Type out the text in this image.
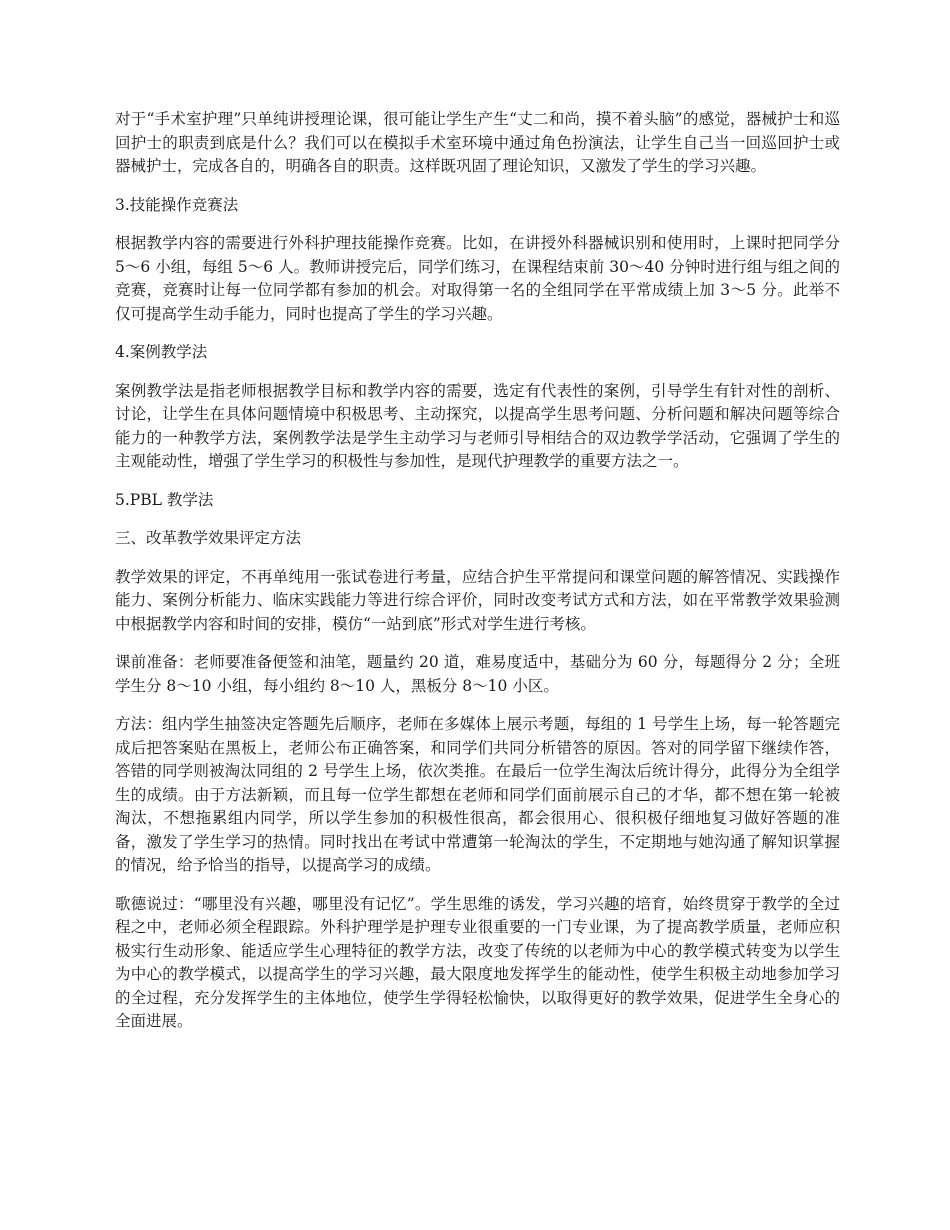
对于“手术室护理”只单纯讲授理论课，很可能让学生产生“丈二和尚，摸不着头脑”的感觉，器械护士和巡回护士的职责到底是什么？我们可以在模拟手术室环境中通过角色扮演法，让学生自己当一回巡回护士或器械护士，完成各自的，明确各自的职责。这样既巩固了理论知识，又激发了学生的学习兴趣。

3.技能操作竞赛法

根据教学内容的需要进行外科护理技能操作竞赛。比如，在讲授外科器械识别和使用时，上课时把同学分 5～6 小组，每组 5～6 人。教师讲授完后，同学们练习，在课程结束前 30～40 分钟时进行组与组之间的竞赛，竞赛时让每一位同学都有参加的机会。对取得第一名的全组同学在平常成绩上加 3～5 分。此举不仅可提高学生动手能力，同时也提高了学生的学习兴趣。

4.案例教学法

案例教学法是指老师根据教学目标和教学内容的需要，选定有代表性的案例，引导学生有针对性的剖析、讨论，让学生在具体问题情境中积极思考、主动探究，以提高学生思考问题、分析问题和解决问题等综合能力的一种教学方法，案例教学法是学生主动学习与老师引导相结合的双边教学学活动，它强调了学生的主观能动性，增强了学生学习的积极性与参加性，是现代护理教学的重要方法之一。

5.PBL 教学法

三、改革教学效果评定方法

教学效果的评定，不再单纯用一张试卷进行考量，应结合护生平常提问和课堂问题的解答情况、实践操作能力、案例分析能力、临床实践能力等进行综合评价，同时改变考试方式和方法，如在平常教学效果验测中根据教学内容和时间的安排，模仿“一站到底”形式对学生进行考核。

课前准备：老师要准备便签和油笔，题量约 20 道，难易度适中，基础分为 60 分，每题得分 2 分；全班学生分 8～10 小组，每小组约 8～10 人，黑板分 8～10 小区。

方法：组内学生抽签决定答题先后顺序，老师在多媒体上展示考题，每组的 1 号学生上场，每一轮答题完成后把答案贴在黑板上，老师公布正确答案，和同学们共同分析错答的原因。答对的同学留下继续作答，答错的同学则被淘汰同组的 2 号学生上场，依次类推。在最后一位学生淘汰后统计得分，此得分为全组学生的成绩。由于方法新颖，而且每一位学生都想在老师和同学们面前展示自己的才华，都不想在第一轮被淘汰，不想拖累组内同学，所以学生参加的积极性很高，都会很用心、很积极仔细地复习做好答题的准备，激发了学生学习的热情。同时找出在考试中常遭第一轮淘汰的学生，不定期地与她沟通了解知识掌握的情况，给予恰当的指导，以提高学习的成绩。

歌德说过：“哪里没有兴趣，哪里没有记忆”。学生思维的诱发，学习兴趣的培育，始终贯穿于教学的全过程之中，老师必须全程跟踪。外科护理学是护理专业很重要的一门专业课，为了提高教学质量，老师应积极实行生动形象、能适应学生心理特征的教学方法，改变了传统的以老师为中心的教学模式转变为以学生为中心的教学模式，以提高学生的学习兴趣，最大限度地发挥学生的能动性，使学生积极主动地参加学习的全过程，充分发挥学生的主体地位，使学生学得轻松愉快，以取得更好的教学效果，促进学生全身心的全面进展。
